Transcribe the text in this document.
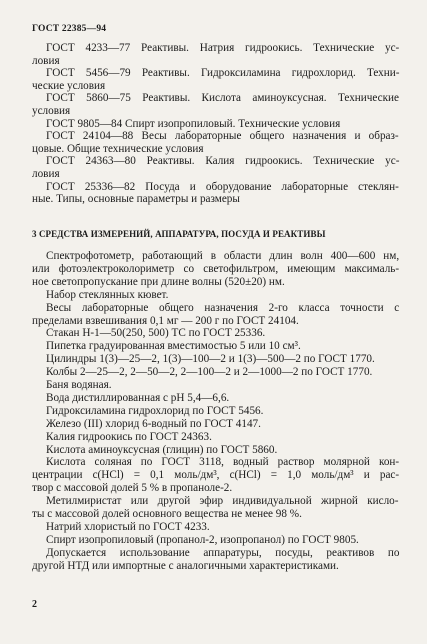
ГОСТ 22385—94
ГОСТ 4233—77 Реактивы. Натрия гидроокись. Технические ус-
ловия
ГОСТ 5456—79 Реактивы. Гидроксиламина гидрохлорид. Техни-
ческие условия
ГОСТ 5860—75 Реактивы. Кислота аминоуксусная. Технические
условия
ГОСТ 9805—84 Спирт изопропиловый. Технические условия
ГОСТ 24104—88 Весы лабораторные общего назначения и образ-
цовые. Общие технические условия
ГОСТ 24363—80 Реактивы. Калия гидроокись. Технические ус-
ловия
ГОСТ 25336—82 Посуда и оборудование лабораторные стеклян-
ные. Типы, основные параметры и размеры
3 СРЕДСТВА ИЗМЕРЕНИЙ, АППАРАТУРА, ПОСУДА И РЕАКТИВЫ
Спектрофотометр, работающий в области длин волн 400—600 нм,
или фотоэлектроколориметр со светофильтром, имеющим максималь-
ное светопропускание при длине волны (520±20) нм.
Набор стеклянных кювет.
Весы лабораторные общего назначения 2-го класса точности с
пределами взвешивания 0,1 мг — 200 г по ГОСТ 24104.
Стакан Н-1—50(250, 500) ТС по ГОСТ 25336.
Пипетка градуированная вместимостью 5 или 10 см³.
Цилиндры 1(3)—25—2, 1(3)—100—2 и 1(3)—500—2 по ГОСТ 1770.
Колбы 2—25—2, 2—50—2, 2—100—2 и 2—1000—2 по ГОСТ 1770.
Баня водяная.
Вода дистиллированная с рН 5,4—6,6.
Гидроксиламина гидрохлорид по ГОСТ 5456.
Железо (III) хлорид 6-водный по ГОСТ 4147.
Калия гидроокись по ГОСТ 24363.
Кислота аминоуксусная (глицин) по ГОСТ 5860.
Кислота соляная по ГОСТ 3118, водный раствор молярной кон-
центрации c(HCl) = 0,1 моль/дм³, c(HCl) = 1,0 моль/дм³ и рас-
твор с массовой долей 5 % в пропаноле-2.
Метилмиристат или другой эфир индивидуальной жирной кисло-
ты с массовой долей основного вещества не менее 98 %.
Натрий хлористый по ГОСТ 4233.
Спирт изопропиловый (пропанол-2, изопропанол) по ГОСТ 9805.
Допускается использование аппаратуры, посуды, реактивов по
другой НТД или импортные с аналогичными характеристиками.
2
